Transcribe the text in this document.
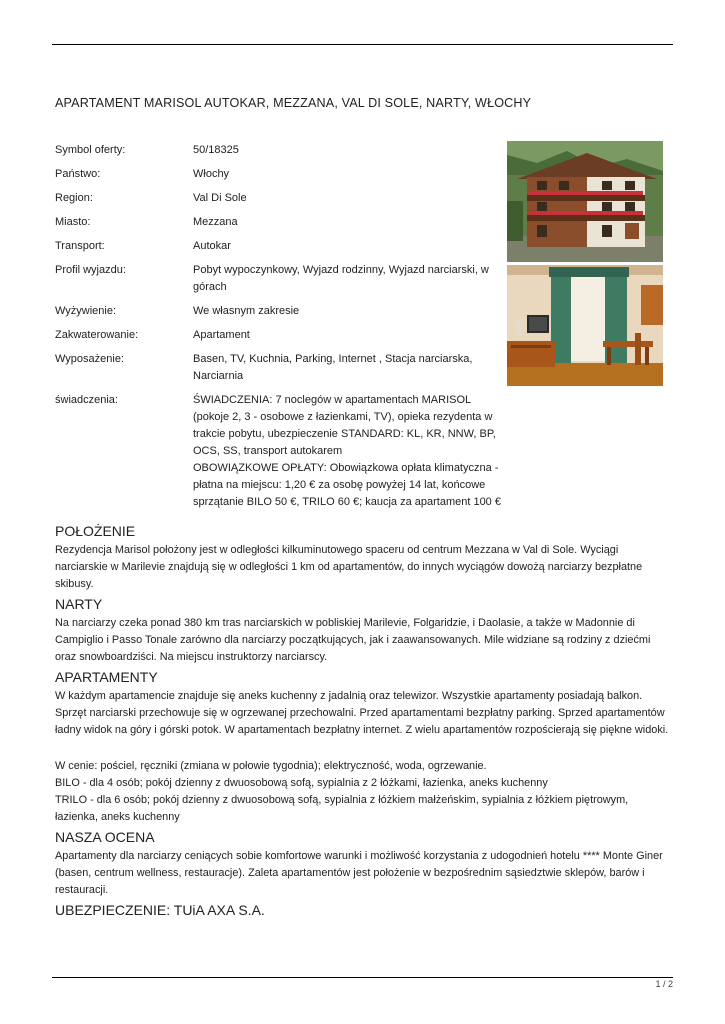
APARTAMENT MARISOL AUTOKAR, MEZZANA, VAL DI SOLE, NARTY, WŁOCHY
Symbol oferty:	50/18325
Państwo:	Włochy
Region:	Val Di Sole
Miasto:	Mezzana
Transport:	Autokar
Profil wyjazdu:	Pobyt wypoczynkowy, Wyjazd rodzinny, Wyjazd narciarski, w
górach
Wyżywienie:	We własnym zakresie
Zakwaterowanie:	Apartament
Wyposażenie:	Basen, TV, Kuchnia, Parking, Internet , Stacja narciarska,
Narciarnia
świadczenia:	ŚWIADCZENIA: 7 noclegów w apartamentach MARISOL
(pokoje 2, 3 - osobowe z łazienkami, TV), opieka rezydenta w
trakcie pobytu, ubezpieczenie STANDARD: KL, KR, NNW, BP,
OCS, SS, transport autokarem
OBOWIĄZKOWE OPŁATY: Obowiązkowa opłata klimatyczna -
płatna na miejscu: 1,20 € za osobę powyżej 14 lat, końcowe
sprzątanie BILO 50 €, TRILO 60 €; kaucja za apartament 100 €
POŁOŻENIE
Rezydencja Marisol położony jest w odległości kilkuminutowego spaceru od centrum Mezzana w Val di Sole. Wyciągi
narciarskie w Marilevie znajdują się w odległości 1 km od apartamentów, do innych wyciągów dowożą narciarzy bezpłatne
skibusy.
NARTY
Na narciarzy czeka ponad 380 km tras narciarskich w pobliskiej Marilevie, Folgaridzie, i Daolasie, a także w Madonnie di
Campiglio i Passo Tonale zarówno dla narciarzy początkujących, jak i zaawansowanych. Mile widziane są rodziny z dziećmi
oraz snowboardziści. Na miejscu instruktorzy narciarscy.
APARTAMENTY
W każdym apartamencie znajduje się aneks kuchenny z jadalnią oraz telewizor. Wszystkie apartamenty posiadają balkon.
Sprzęt narciarski przechowuje się w ogrzewanej przechowalni. Przed apartamentami bezpłatny parking. Sprzed apartamentów
ładny widok na góry i górski potok. W apartamentach bezpłatny internet. Z wielu apartamentów rozpościerają się piękne widoki.
W cenie: pościel, ręczniki (zmiana w połowie tygodnia); elektryczność, woda, ogrzewanie.
BILO - dla 4 osób; pokój dzienny z dwuosobową sofą, sypialnia z 2 łóżkami, łazienka, aneks kuchenny
TRILO - dla 6 osób; pokój dzienny z dwuosobową sofą, sypialnia z łóżkiem małżeńskim, sypialnia z łóżkiem piętrowym,
łazienka, aneks kuchenny
NASZA OCENA
Apartamenty dla narciarzy ceniących sobie komfortowe warunki i możliwość korzystania z udogodnień hotelu **** Monte Giner
(basen, centrum wellness, restauracje). Zaleta apartamentów jest położenie w bezpośrednim sąsiedztwie sklepów, barów i
restauracji.
UBEZPIECZENIE: TUiA AXA S.A.
1 / 2
